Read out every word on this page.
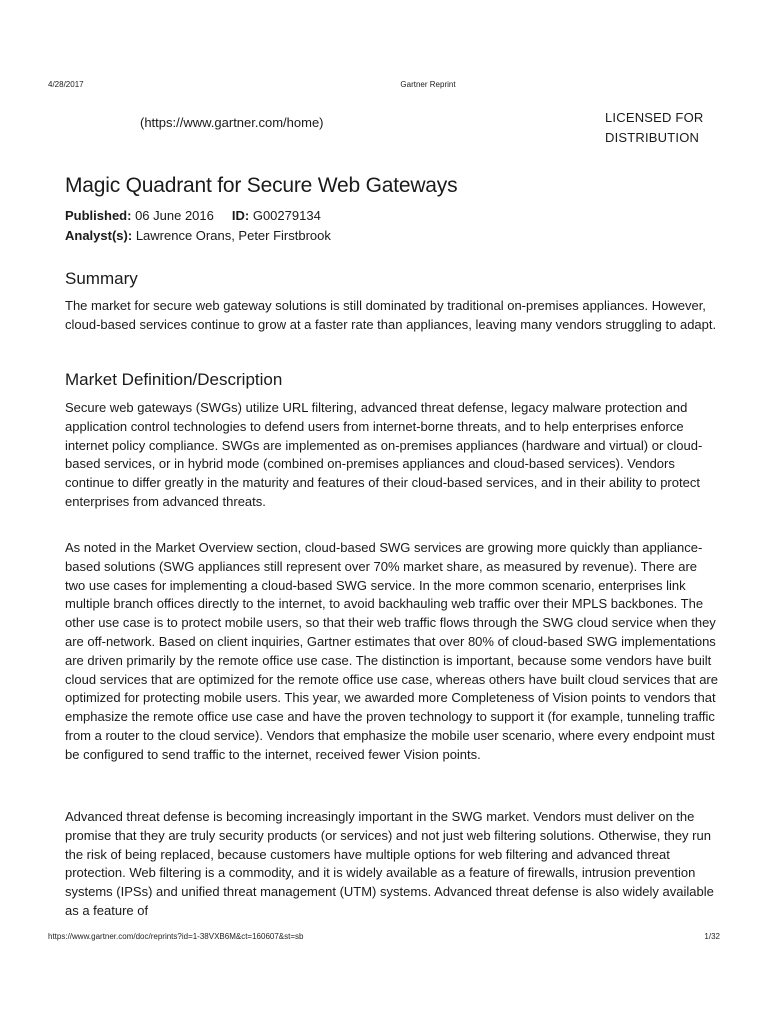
4/28/2017	Gartner Reprint
(https://www.gartner.com/home)	LICENSED FOR
DISTRIBUTION
Magic Quadrant for Secure Web Gateways
Published: 06 June 2016 ID: G00279134
Analyst(s): Lawrence Orans, Peter Firstbrook
Summary

The market for secure web gateway solutions is still dominated by traditional on-premises appliances. However, cloud-based services continue to grow at a faster rate than appliances, leaving many vendors struggling to adapt.

Market Definition/Description

Secure web gateways (SWGs) utilize URL filtering, advanced threat defense, legacy malware protection and application control technologies to defend users from internet-borne threats, and to help enterprises enforce internet policy compliance. SWGs are implemented as on-premises appliances (hardware and virtual) or cloud-based services, or in hybrid mode (combined on-premises appliances and cloud-based services). Vendors continue to differ greatly in the maturity and features of their cloud-based services, and in their ability to protect enterprises from advanced threats.

As noted in the Market Overview section, cloud-based SWG services are growing more quickly than appliance-based solutions (SWG appliances still represent over 70% market share, as measured by revenue). There are two use cases for implementing a cloud-based SWG service. In the more common scenario, enterprises link multiple branch offices directly to the internet, to avoid backhauling web traffic over their MPLS backbones. The other use case is to protect mobile users, so that their web traffic flows through the SWG cloud service when they are off-network. Based on client inquiries, Gartner estimates that over 80% of cloud-based SWG implementations are driven primarily by the remote office use case. The distinction is important, because some vendors have built cloud services that are optimized for the remote office use case, whereas others have built cloud services that are optimized for protecting mobile users. This year, we awarded more Completeness of Vision points to vendors that emphasize the remote office use case and have the proven technology to support it (for example, tunneling traffic from a router to the cloud service). Vendors that emphasize the mobile user scenario, where every endpoint must be configured to send traffic to the internet, received fewer Vision points.

Advanced threat defense is becoming increasingly important in the SWG market. Vendors must deliver on the promise that they are truly security products (or services) and not just web filtering solutions. Otherwise, they run the risk of being replaced, because customers have multiple options for web filtering and advanced threat protection. Web filtering is a commodity, and it is widely available as a feature of firewalls, intrusion prevention systems (IPSs) and unified threat management (UTM) systems. Advanced threat defense is also widely available as a feature of

https://www.gartner.com/doc/reprints?id=1-38VXB6M&ct=160607&st=sb	1/32
